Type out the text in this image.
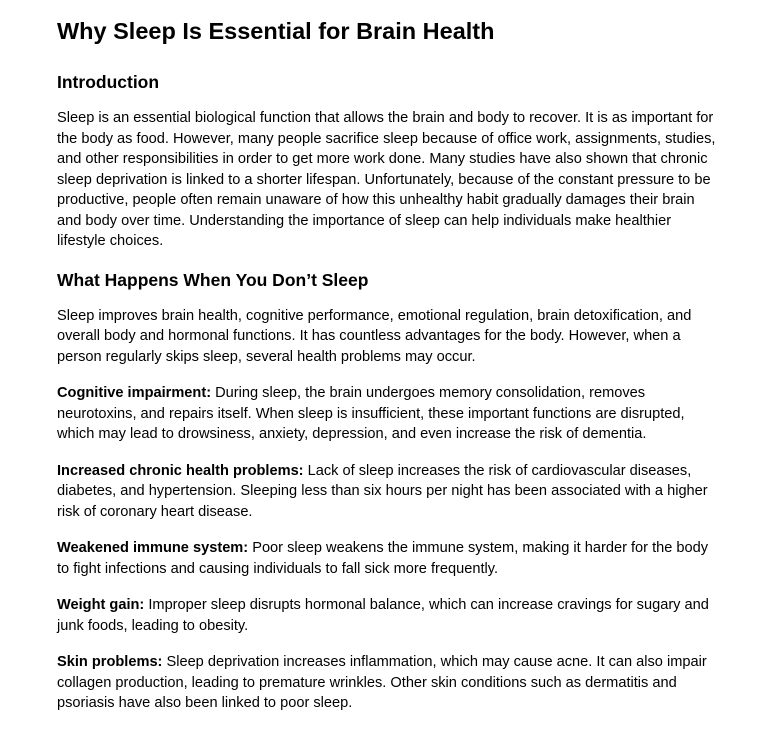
Why Sleep Is Essential for Brain Health
Introduction

Sleep is an essential biological function that allows the brain and body to recover. It is as important for the body as food. However, many people sacrifice sleep because of office work, assignments, studies, and other responsibilities in order to get more work done. Many studies have also shown that chronic sleep deprivation is linked to a shorter lifespan. Unfortunately, because of the constant pressure to be productive, people often remain unaware of how this unhealthy habit gradually damages their brain and body over time. Understanding the importance of sleep can help individuals make healthier lifestyle choices.

What Happens When You Don’t Sleep

Sleep improves brain health, cognitive performance, emotional regulation, brain detoxification, and overall body and hormonal functions. It has countless advantages for the body. However, when a person regularly skips sleep, several health problems may occur.

Cognitive impairment: During sleep, the brain undergoes memory consolidation, removes neurotoxins, and repairs itself. When sleep is insufficient, these important functions are disrupted, which may lead to drowsiness, anxiety, depression, and even increase the risk of dementia.

Increased chronic health problems: Lack of sleep increases the risk of cardiovascular diseases, diabetes, and hypertension. Sleeping less than six hours per night has been associated with a higher risk of coronary heart disease.

Weakened immune system: Poor sleep weakens the immune system, making it harder for the body to fight infections and causing individuals to fall sick more frequently.

Weight gain: Improper sleep disrupts hormonal balance, which can increase cravings for sugary and junk foods, leading to obesity.

Skin problems: Sleep deprivation increases inflammation, which may cause acne. It can also impair collagen production, leading to premature wrinkles. Other skin conditions such as dermatitis and psoriasis have also been linked to poor sleep.
